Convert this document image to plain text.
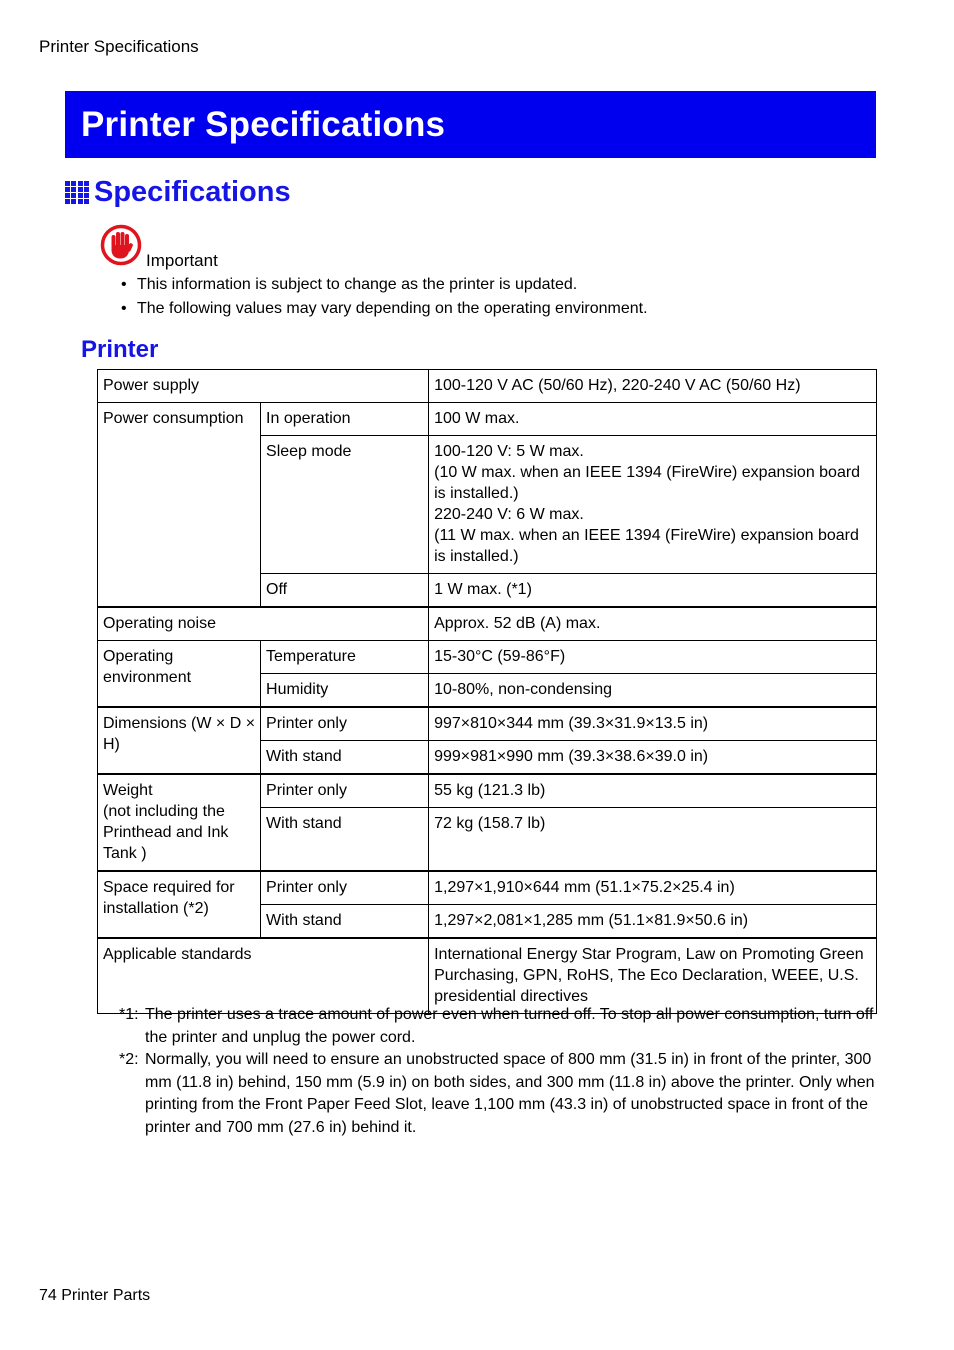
Printer Specifications
Printer Specifications
Specifications
Important
• This information is subject to change as the printer is updated.
• The following values may vary depending on the operating environment.
Printer
Power supply		100-120 V AC (50/60 Hz), 220-240 V AC (50/60 Hz)
Power consumption	In operation	100 W max.
	Sleep mode	100-120 V: 5 W max.
(10 W max. when an IEEE 1394 (FireWire) expansion board is installed.)
220-240 V: 6 W max.
(11 W max. when an IEEE 1394 (FireWire) expansion board is installed.)

	Off	1 W max. (*1)
Operating noise		Approx. 52 dB (A) max.
Operating environment	Temperature	15-30°C (59-86°F)
	Humidity	10-80%, non-condensing
Dimensions (W × D × H)	Printer only	997×810×344 mm (39.3×31.9×13.5 in)
	With stand	999×981×990 mm (39.3×38.6×39.0 in)

Weight
(not including the Printhead and Ink Tank )	Printer only	55 kg (121.3 lb)
	With stand	72 kg (158.7 lb)
Space required for installation (*2)	Printer only	1,297×1,910×644 mm (51.1×75.2×25.4 in)
	With stand	1,297×2,081×1,285 mm (51.1×81.9×50.6 in)
Applicable standards		International Energy Star Program, Law on Promoting Green Purchasing, GPN, RoHS, The Eco Declaration, WEEE, U.S. presidential directives
*1: The printer uses a trace amount of power even when turned off. To stop all power consumption, turn off the printer and unplug the power cord.
*2: Normally, you will need to ensure an unobstructed space of 800 mm (31.5 in) in front of the printer, 300 mm (11.8 in) behind, 150 mm (5.9 in) on both sides, and 300 mm (11.8 in) above the printer. Only when printing from the Front Paper Feed Slot, leave 1,100 mm (43.3 in) of unobstructed space in front of the printer and 700 mm (27.6 in) behind it.
74 Printer Parts
